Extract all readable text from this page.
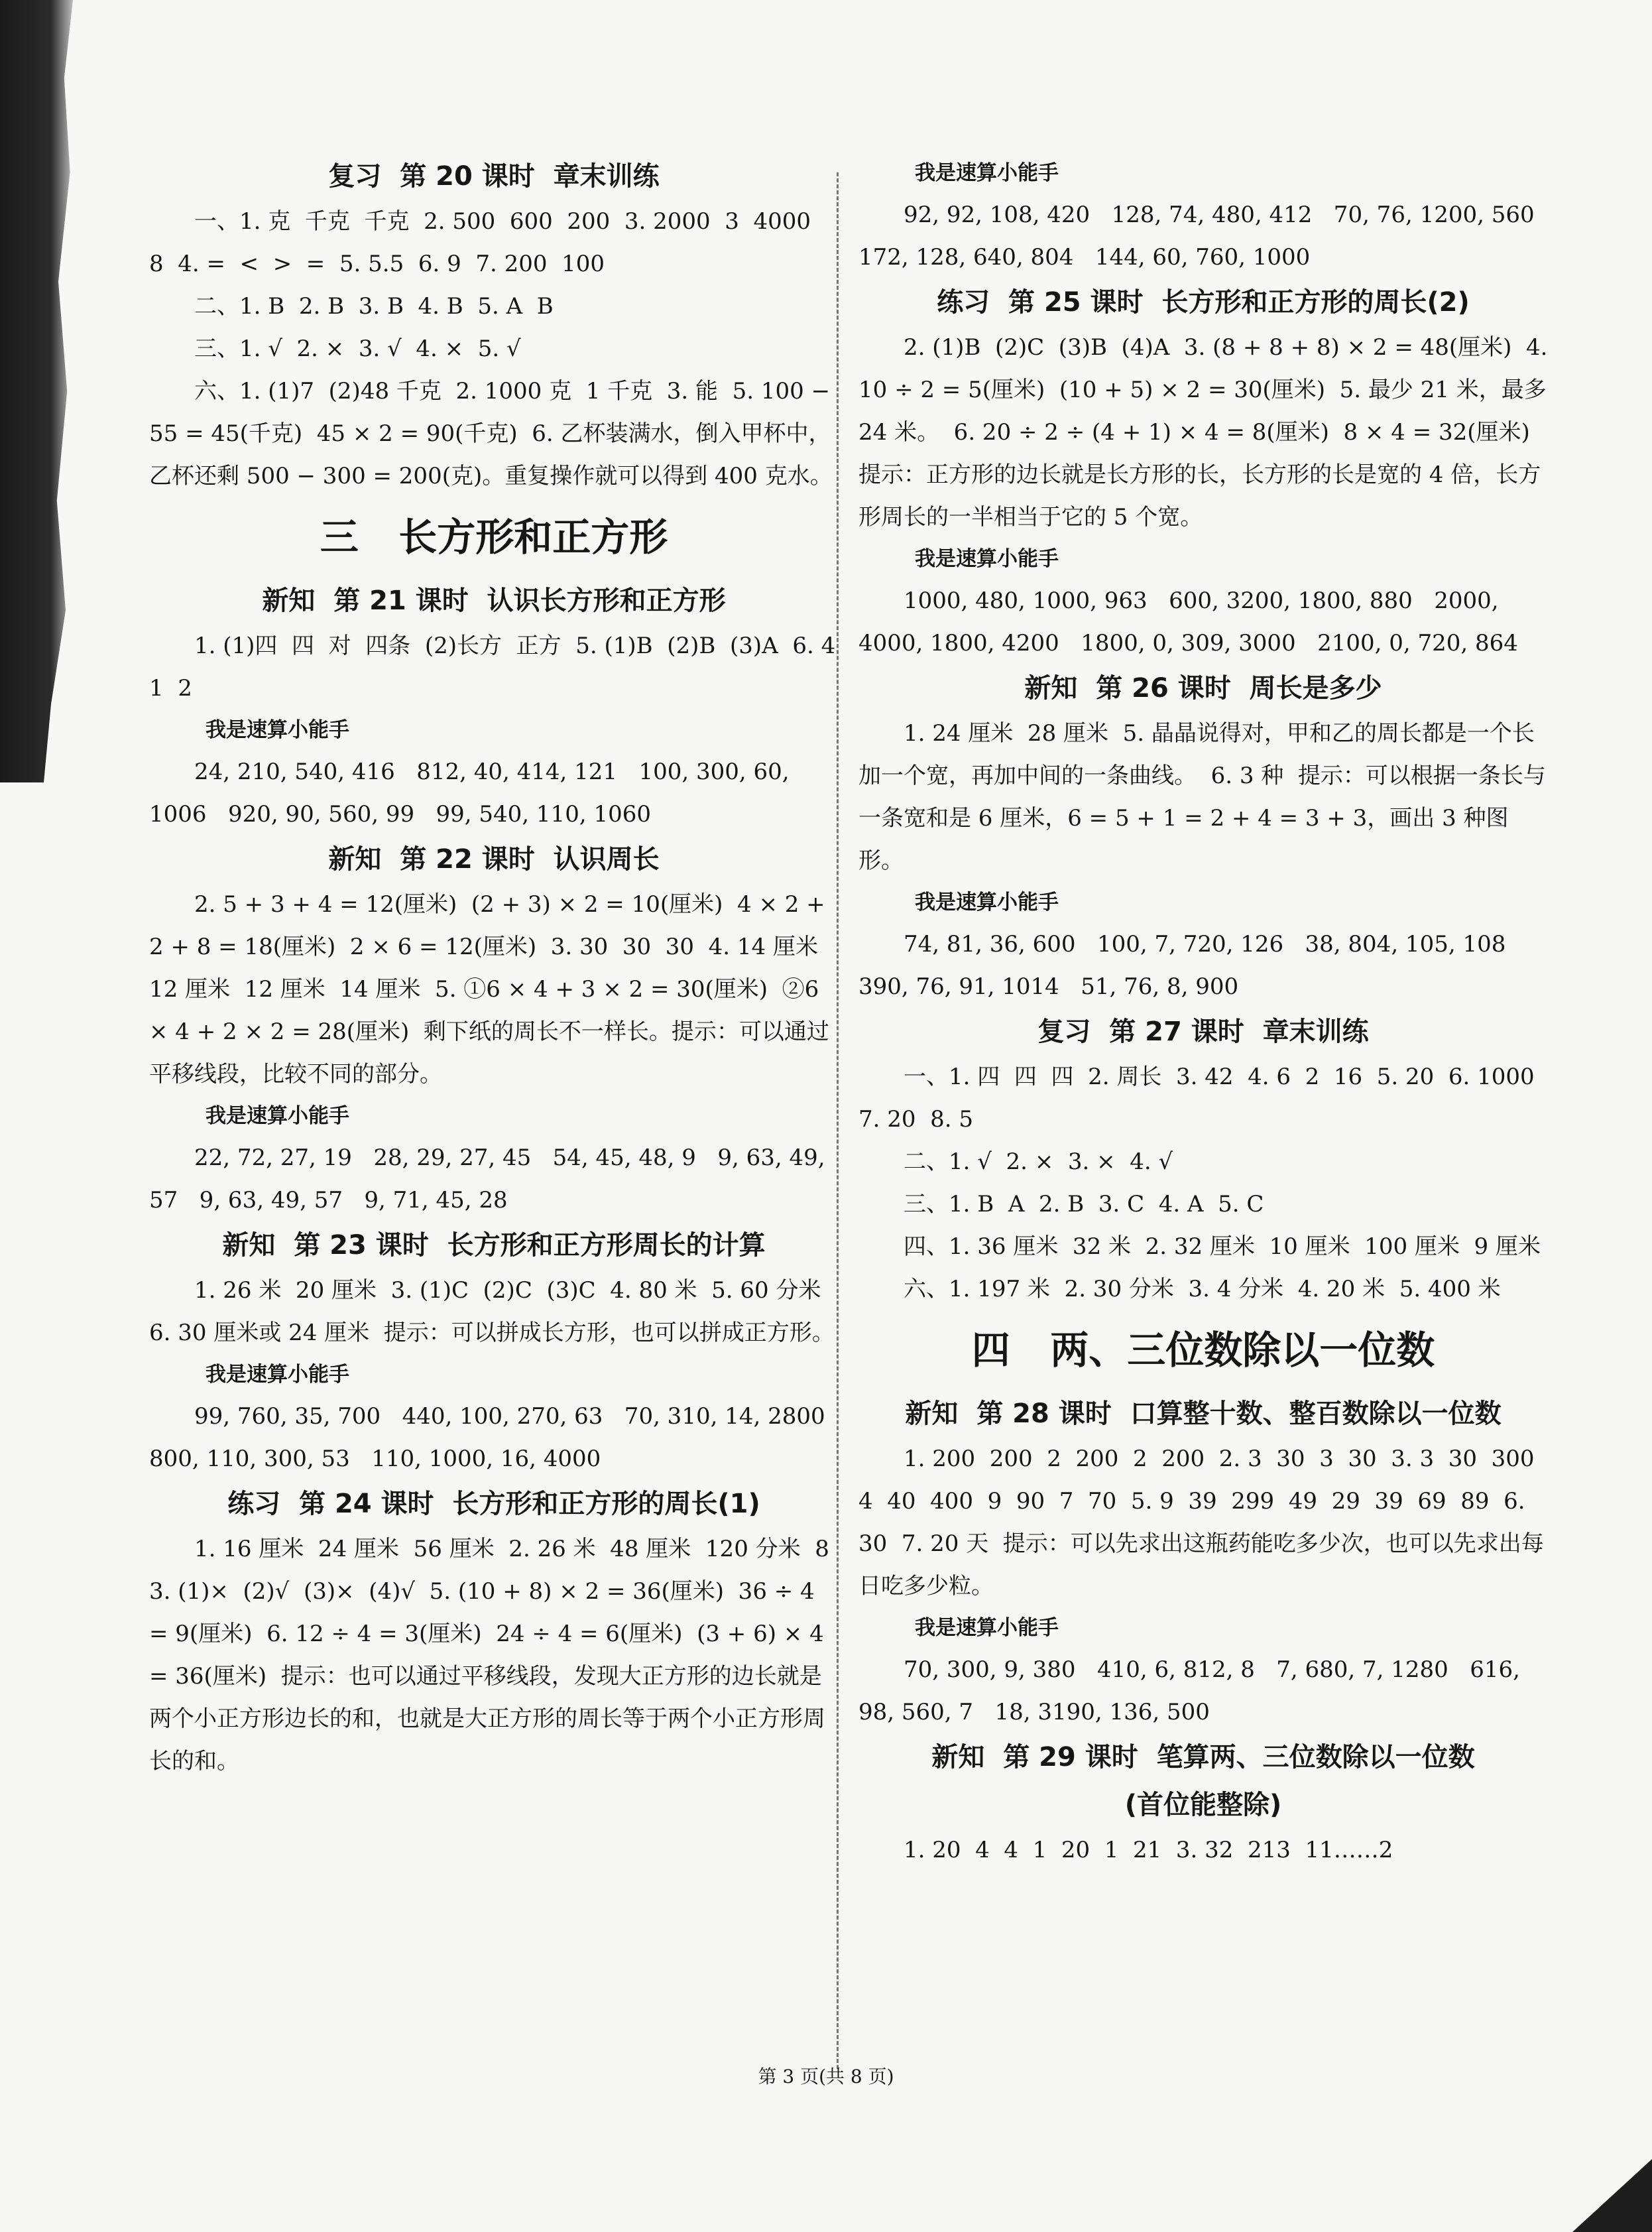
复习  第 20 课时  章末训练
一、1. 克  千克  千克  2. 500  600  200  3. 2000  3  4000  8  4. =  <  >  =  5. 5.5  6. 9  7. 200  100
二、1. B  2. B  3. B  4. B  5. A  B
三、1. √  2. ×  3. √  4. ×  5. √
六、1. (1)7  (2)48 千克  2. 1000 克  1 千克  3. 能  5. 100 − 55 = 45(千克)  45 × 2 = 90(千克)  6. 乙杯装满水，倒入甲杯中，乙杯还剩 500 − 300 = 200(克)。重复操作就可以得到 400 克水。
三   长方形和正方形
新知  第 21 课时  认识长方形和正方形
1. (1)四  四  对  四条  (2)长方  正方  5. (1)B  (2)B  (3)A  6. 4  1  2
我是速算小能手
24, 210, 540, 416   812, 40, 414, 121   100, 300, 60, 1006   920, 90, 560, 99   99, 540, 110, 1060
新知  第 22 课时  认识周长
2. 5 + 3 + 4 = 12(厘米)  (2 + 3) × 2 = 10(厘米)  4 × 2 + 2 + 8 = 18(厘米)  2 × 6 = 12(厘米)  3. 30  30  30  4. 14 厘米  12 厘米  12 厘米  14 厘米  5. ①6 × 4 + 3 × 2 = 30(厘米)  ②6 × 4 + 2 × 2 = 28(厘米)  剩下纸的周长不一样长。提示：可以通过平移线段，比较不同的部分。
我是速算小能手
22, 72, 27, 19   28, 29, 27, 45   54, 45, 48, 9   9, 63, 49, 57   9, 63, 49, 57   9, 71, 45, 28
新知  第 23 课时  长方形和正方形周长的计算
1. 26 米  20 厘米  3. (1)C  (2)C  (3)C  4. 80 米  5. 60 分米  6. 30 厘米或 24 厘米  提示：可以拼成长方形，也可以拼成正方形。
我是速算小能手
99, 760, 35, 700   440, 100, 270, 63   70, 310, 14, 2800   800, 110, 300, 53   110, 1000, 16, 4000
练习  第 24 课时  长方形和正方形的周长(1)
1. 16 厘米  24 厘米  56 厘米  2. 26 米  48 厘米  120 分米  8  3. (1)×  (2)√  (3)×  (4)√  5. (10 + 8) × 2 = 36(厘米)  36 ÷ 4 = 9(厘米)  6. 12 ÷ 4 = 3(厘米)  24 ÷ 4 = 6(厘米)  (3 + 6) × 4 = 36(厘米)  提示：也可以通过平移线段，发现大正方形的边长就是两个小正方形边长的和，也就是大正方形的周长等于两个小正方形周长的和。
我是速算小能手
92, 92, 108, 420   128, 74, 480, 412   70, 76, 1200, 560   172, 128, 640, 804   144, 60, 760, 1000
练习  第 25 课时  长方形和正方形的周长(2)
2. (1)B  (2)C  (3)B  (4)A  3. (8 + 8 + 8) × 2 = 48(厘米)  4. 10 ÷ 2 = 5(厘米)  (10 + 5) × 2 = 30(厘米)  5. 最少 21 米，最多 24 米。  6. 20 ÷ 2 ÷ (4 + 1) × 4 = 8(厘米)  8 × 4 = 32(厘米)  提示：正方形的边长就是长方形的长，长方形的长是宽的 4 倍，长方形周长的一半相当于它的 5 个宽。
我是速算小能手
1000, 480, 1000, 963   600, 3200, 1800, 880   2000, 4000, 1800, 4200   1800, 0, 309, 3000   2100, 0, 720, 864
新知  第 26 课时  周长是多少
1. 24 厘米  28 厘米  5. 晶晶说得对，甲和乙的周长都是一个长加一个宽，再加中间的一条曲线。  6. 3 种  提示：可以根据一条长与一条宽和是 6 厘米，6 = 5 + 1 = 2 + 4 = 3 + 3，画出 3 种图形。
我是速算小能手
74, 81, 36, 600   100, 7, 720, 126   38, 804, 105, 108   390, 76, 91, 1014   51, 76, 8, 900
复习  第 27 课时  章末训练
一、1. 四  四  四  2. 周长  3. 42  4. 6  2  16  5. 20  6. 1000  7. 20  8. 5
二、1. √  2. ×  3. ×  4. √
三、1. B  A  2. B  3. C  4. A  5. C
四、1. 36 厘米  32 米  2. 32 厘米  10 厘米  100 厘米  9 厘米
六、1. 197 米  2. 30 分米  3. 4 分米  4. 20 米  5. 400 米
四   两、三位数除以一位数
新知  第 28 课时  口算整十数、整百数除以一位数
1. 200  200  2  200  2  200  2. 3  30  3  30  3. 3  30  300  4  40  400  9  90  7  70  5. 9  39  299  49  29  39  69  89  6. 30  7. 20 天  提示：可以先求出这瓶药能吃多少次，也可以先求出每日吃多少粒。
我是速算小能手
70, 300, 9, 380   410, 6, 812, 8   7, 680, 7, 1280   616, 98, 560, 7   18, 3190, 136, 500
新知  第 29 课时  笔算两、三位数除以一位数
(首位能整除)
1. 20  4  4  1  20  1  21  3. 32  213  11……2
第 3 页(共 8 页)
